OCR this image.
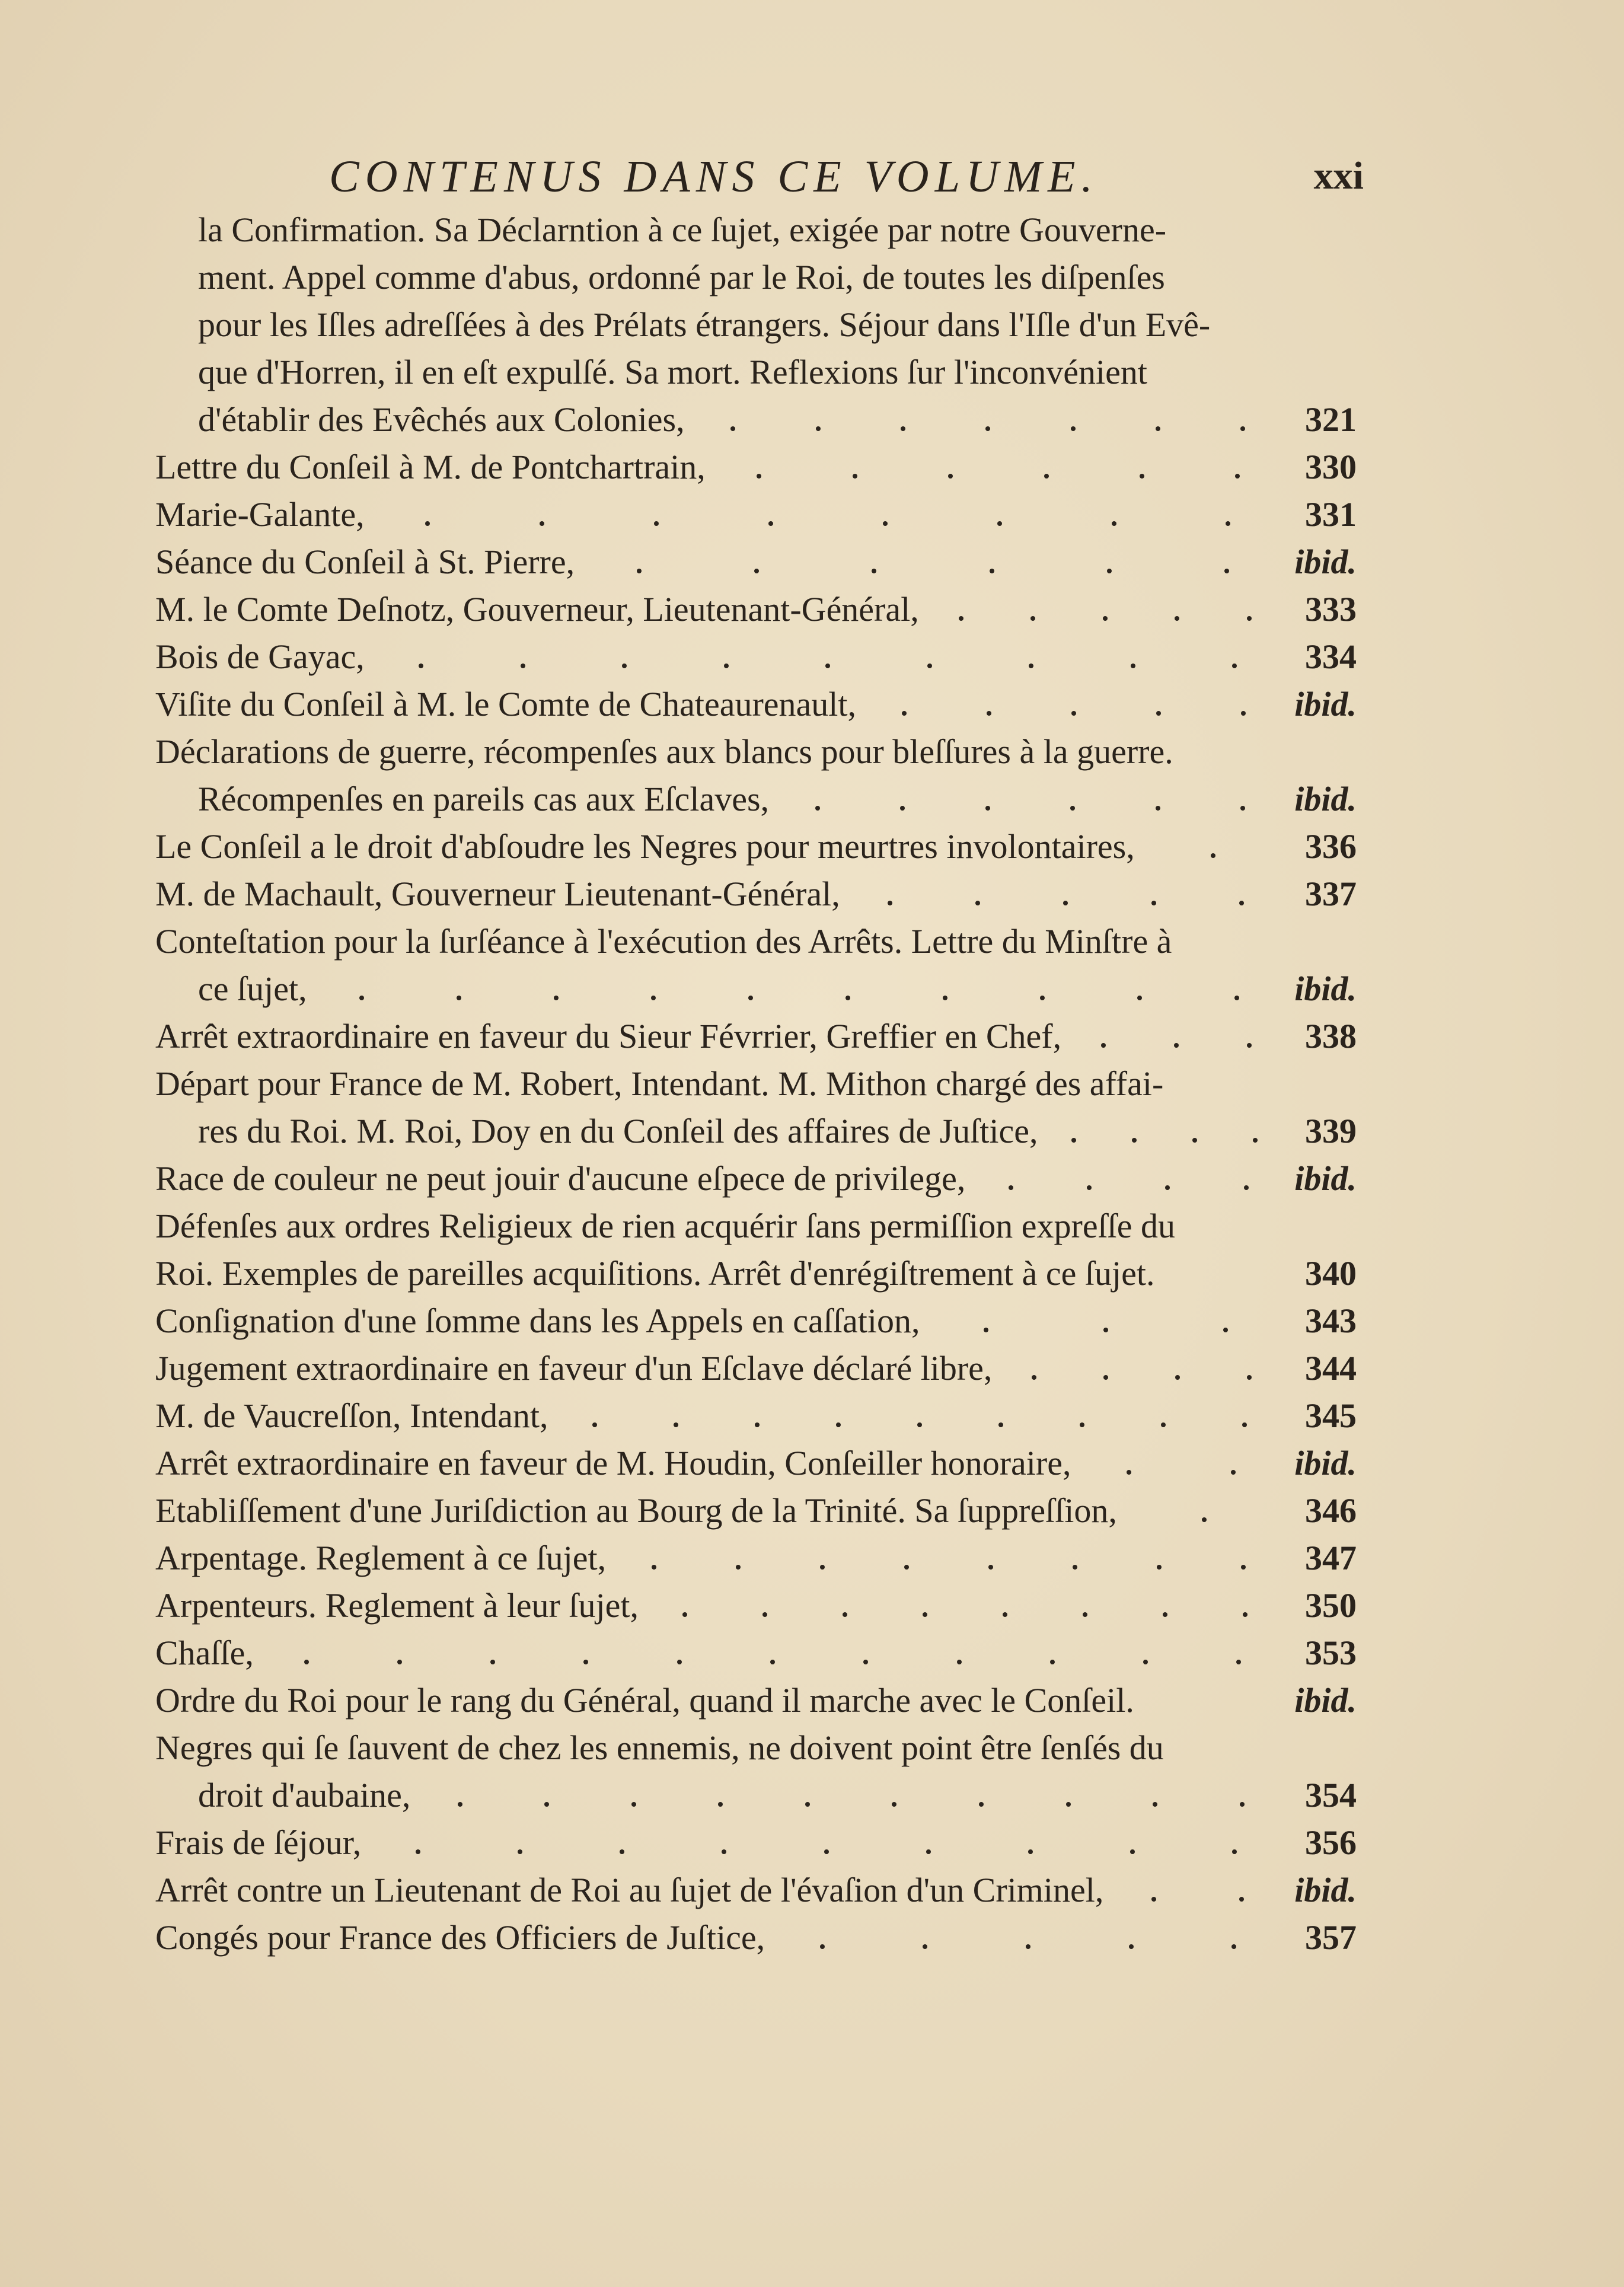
CONTENUS DANS CE VOLUME.	xxi
la Confirmation. Sa Déclarntion à ce ſujet, exigée par notre Gouverne-
ment. Appel comme d'abus, ordonné par le Roi, de toutes les diſpenſes
pour les Iſles adreſſées à des Prélats étrangers. Séjour dans l'Iſle d'un Evê-
que d'Horren, il en eſt expulſé. Sa mort. Reflexions ſur l'inconvénient
d'établir des Evêchés aux Colonies,	321
Lettre du Conſeil à M. de Pontchartrain,	330
Marie-Galante,	331
Séance du Conſeil à St. Pierre,	ibid.
M. le Comte Deſnotz, Gouverneur, Lieutenant-Général,	333
Bois de Gayac,	334
Viſite du Conſeil à M. le Comte de Chateaurenault,	ibid.
Déclarations de guerre, récompenſes aux blancs pour bleſſures à la guerre.
Récompenſes en pareils cas aux Eſclaves,	ibid.
Le Conſeil a le droit d'abſoudre les Negres pour meurtres involontaires,	336
M. de Machault, Gouverneur Lieutenant-Général,	337
Conteſtation pour la ſurſéance à l'exécution des Arrêts. Lettre du Minſtre à
ce ſujet,	ibid.
Arrêt extraordinaire en faveur du Sieur Févrrier, Greffier en Chef,	338
Départ pour France de M. Robert, Intendant. M. Mithon chargé des affai-
res du Roi. M. Roi, Doy en du Conſeil des affaires de Juſtice,	339
Race de couleur ne peut jouir d'aucune eſpece de privilege,	ibid.
Défenſes aux ordres Religieux de rien acquérir ſans permiſſion expreſſe du
Roi. Exemples de pareilles acquiſitions. Arrêt d'enrégiſtrement à ce ſujet.	340
Conſignation d'une ſomme dans les Appels en caſſation,	343
Jugement extraordinaire en faveur d'un Eſclave déclaré libre,	344
M. de Vaucreſſon, Intendant,	345
Arrêt extraordinaire en faveur de M. Houdin, Conſeiller honoraire,	ibid.
Etabliſſement d'une Juriſdiction au Bourg de la Trinité. Sa ſuppreſſion,	346
Arpentage. Reglement à ce ſujet,	347
Arpenteurs. Reglement à leur ſujet,	350
Chaſſe,	353
Ordre du Roi pour le rang du Général, quand il marche avec le Conſeil.	ibid.
Negres qui ſe ſauvent de chez les ennemis, ne doivent point être ſenſés du
droit d'aubaine,	354
Frais de ſéjour,	356
Arrêt contre un Lieutenant de Roi au ſujet de l'évaſion d'un Criminel,	ibid.
Congés pour France des Officiers de Juſtice,	357
